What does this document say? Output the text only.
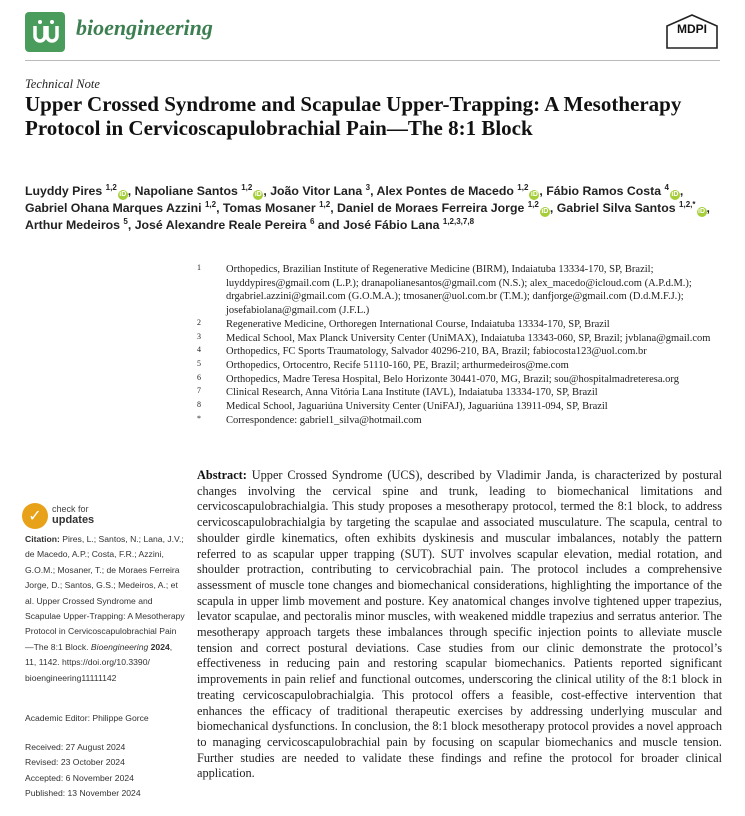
bioengineering	MDPI
Technical Note
Upper Crossed Syndrome and Scapulae Upper-Trapping: A Mesotherapy Protocol in Cervicoscapulobrachial Pain—The 8:1 Block
Luyddy Pires $^{1,2}$iD , Napoliane Santos $^{1,2}$iD , João Vitor Lana $^3$, Alex Pontes de Macedo $^{1,2}$iD , Fábio Ramos Costa $^4$iD , Gabriel Ohana Marques Azzini $^{1,2}$, Tomas Mosaner $^{1,2}$, Daniel de Moraes Ferreira Jorge $^{1,2}$iD , Gabriel Silva Santos $^{1,2,*}$iD , Arthur Medeiros $^5$, José Alexandre Reale Pereira $^6$ and José Fábio Lana $^{1,2,3,7,8}$
1 Orthopedics, Brazilian Institute of Regenerative Medicine (BIRM), Indaiatuba 13334-170, SP, Brazil; luyddypires@gmail.com (L.P.); dranapolianesantos@gmail.com (N.S.); alex_macedo@icloud.com (A.P.d.M.); drgabriel.azzini@gmail.com (G.O.M.A.); tmosaner@uol.com.br (T.M.); danfjorge@gmail.com (D.d.M.F.J.); josefabiolana@gmail.com (J.F.L.)
2 Regenerative Medicine, Orthoregen International Course, Indaiatuba 13334-170, SP, Brazil
3 Medical School, Max Planck University Center (UniMAX), Indaiatuba 13343-060, SP, Brazil; jvblana@gmail.com
4 Orthopedics, FC Sports Traumatology, Salvador 40296-210, BA, Brazil; fabiocosta123@uol.com.br
5 Orthopedics, Ortocentro, Recife 51110-160, PE, Brazil; arthurmedeiros@me.com
6 Orthopedics, Madre Teresa Hospital, Belo Horizonte 30441-070, MG, Brazil; sou@hospitalmadreteresa.org
7 Clinical Research, Anna Vitória Lana Institute (IAVL), Indaiatuba 13334-170, SP, Brazil
8 Medical School, Jaguariúna University Center (UniFAJ), Jaguariúna 13911-094, SP, Brazil
* Correspondence: gabriel1_silva@hotmail.com
✓	check for
updates
Citation: Pires, L.; Santos, N.; Lana, J.V.; de Macedo, A.P.; Costa, F.R.; Azzini, G.O.M.; Mosaner, T.; de Moraes Ferreira Jorge, D.; Santos, G.S.; Medeiros, A.; et al. Upper Crossed Syndrome and Scapulae Upper-Trapping: A Mesotherapy Protocol in Cervicoscapulobrachial Pain—The 8:1 Block. Bioengineering 2024, 11, 1142. https://doi.org/10.3390/ bioengineering11111142
Academic Editor: Philippe Gorce
Received: 27 August 2024
Revised: 23 October 2024
Accepted: 6 November 2024
Published: 13 November 2024
Abstract: Upper Crossed Syndrome (UCS), described by Vladimir Janda, is characterized by postural changes involving the cervical spine and trunk, leading to biomechanical limitations and cervicoscapulobrachialgia. This study proposes a mesotherapy protocol, termed the 8:1 block, to address cervicoscapulobrachialgia by targeting the scapulae and associated musculature. The scapula, central to shoulder girdle kinematics, often exhibits dyskinesis and muscular imbalances, notably the pattern referred to as scapular upper trapping (SUT). SUT involves scapular elevation, medial rotation, and shoulder protraction, contributing to cervicobrachial pain. The protocol includes a comprehensive assessment of muscle tone changes and biomechanical considerations, highlighting the importance of the scapula in upper limb movement and posture. Key anatomical changes involve tightened upper trapezius, levator scapulae, and pectoralis minor muscles, with weakened middle trapezius and serratus anterior. The mesotherapy approach targets these imbalances through specific injection points to alleviate muscle tension and correct postural deviations. Case studies from our clinic demonstrate the protocol’s effectiveness in reducing pain and restoring scapular biomechanics. Patients reported significant improvements in pain relief and functional outcomes, underscoring the clinical utility of the 8:1 block in treating cervicoscapulobrachialgia. This protocol offers a feasible, cost-effective intervention that enhances the efficacy of traditional therapeutic exercises by addressing underlying muscular and biomechanical dysfunctions. In conclusion, the 8:1 block mesotherapy protocol provides a novel approach to managing cervicoscapulobrachial pain by focusing on scapular biomechanics and muscle tension. Further studies are needed to validate these findings and refine the protocol for broader clinical application.
